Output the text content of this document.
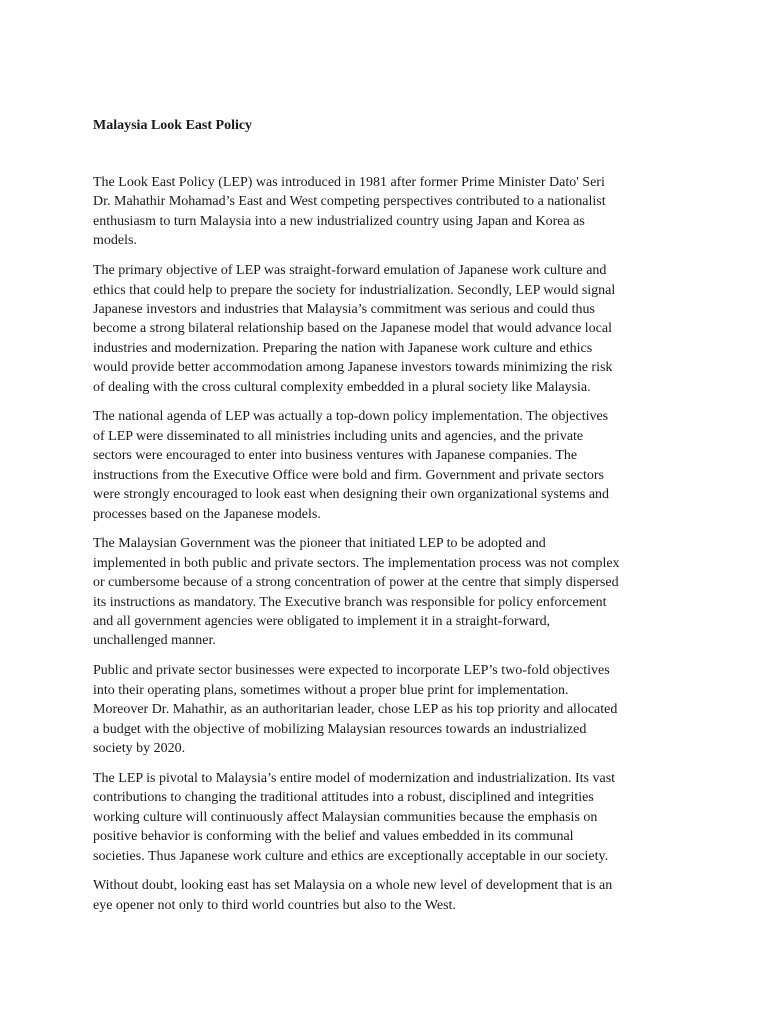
Malaysia Look East Policy

The Look East Policy (LEP) was introduced in 1981 after former Prime Minister Dato' Seri
Dr. Mahathir Mohamad’s East and West competing perspectives contributed to a nationalist
enthusiasm to turn Malaysia into a new industrialized country using Japan and Korea as
models.

The primary objective of LEP was straight-forward emulation of Japanese work culture and
ethics that could help to prepare the society for industrialization. Secondly, LEP would signal
Japanese investors and industries that Malaysia’s commitment was serious and could thus
become a strong bilateral relationship based on the Japanese model that would advance local
industries and modernization. Preparing the nation with Japanese work culture and ethics
would provide better accommodation among Japanese investors towards minimizing the risk
of dealing with the cross cultural complexity embedded in a plural society like Malaysia.

The national agenda of LEP was actually a top-down policy implementation. The objectives
of LEP were disseminated to all ministries including units and agencies, and the private
sectors were encouraged to enter into business ventures with Japanese companies. The
instructions from the Executive Office were bold and firm. Government and private sectors
were strongly encouraged to look east when designing their own organizational systems and
processes based on the Japanese models.

The Malaysian Government was the pioneer that initiated LEP to be adopted and
implemented in both public and private sectors. The implementation process was not complex
or cumbersome because of a strong concentration of power at the centre that simply dispersed
its instructions as mandatory. The Executive branch was responsible for policy enforcement
and all government agencies were obligated to implement it in a straight-forward,
unchallenged manner.

Public and private sector businesses were expected to incorporate LEP’s two-fold objectives
into their operating plans, sometimes without a proper blue print for implementation.
Moreover Dr. Mahathir, as an authoritarian leader, chose LEP as his top priority and allocated
a budget with the objective of mobilizing Malaysian resources towards an industrialized
society by 2020.

The LEP is pivotal to Malaysia’s entire model of modernization and industrialization. Its vast
contributions to changing the traditional attitudes into a robust, disciplined and integrities
working culture will continuously affect Malaysian communities because the emphasis on
positive behavior is conforming with the belief and values embedded in its communal
societies. Thus Japanese work culture and ethics are exceptionally acceptable in our society.

Without doubt, looking east has set Malaysia on a whole new level of development that is an
eye opener not only to third world countries but also to the West.
